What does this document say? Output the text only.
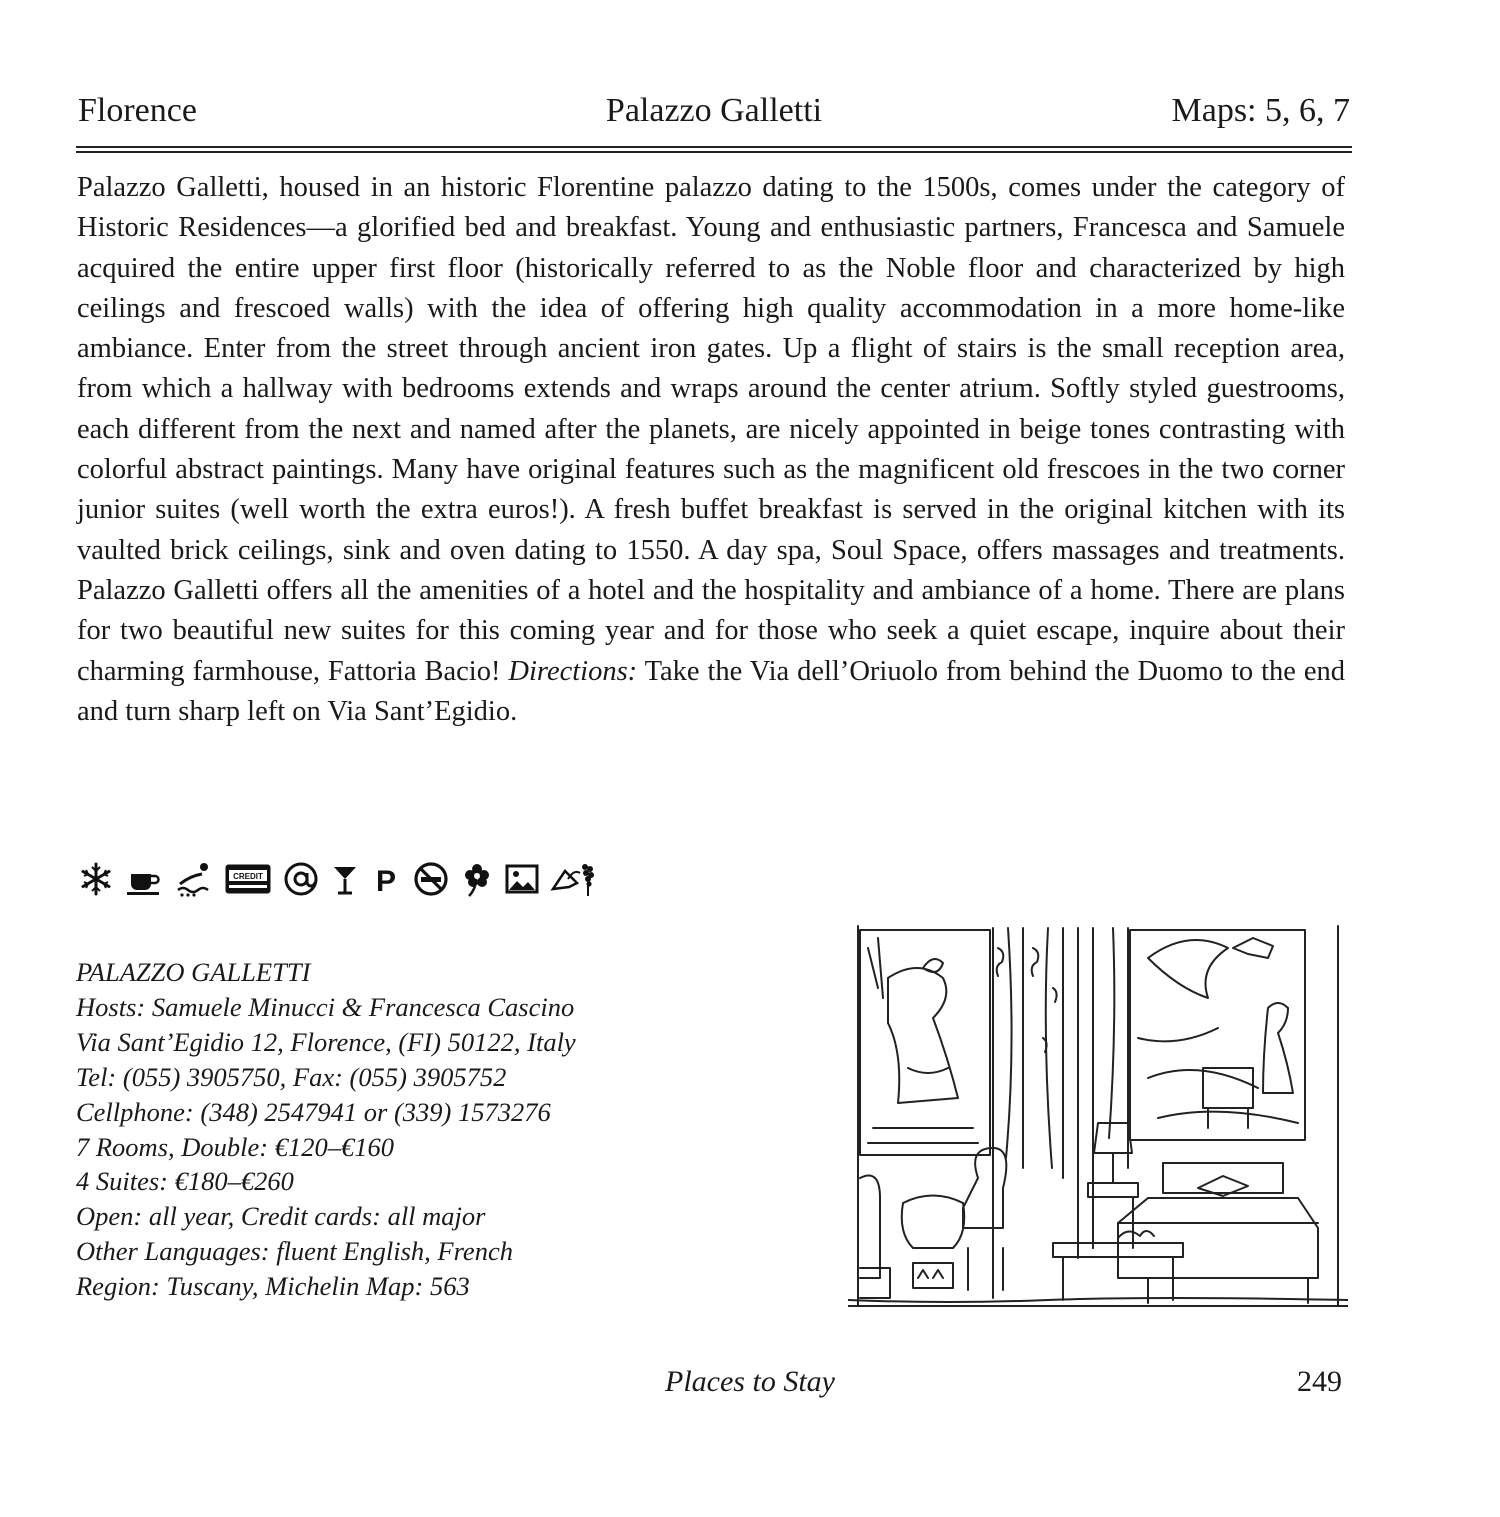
Florence	Palazzo Galletti	Maps: 5, 6, 7
Palazzo Galletti, housed in an historic Florentine palazzo dating to the 1500s, comes under the category of Historic Residences—a glorified bed and breakfast. Young and enthusiastic partners, Francesca and Samuele acquired the entire upper first floor (historically referred to as the Noble floor and characterized by high ceilings and frescoed walls) with the idea of offering high quality accommodation in a more home-like ambiance. Enter from the street through ancient iron gates. Up a flight of stairs is the small reception area, from which a hallway with bedrooms extends and wraps around the center atrium. Softly styled guestrooms, each different from the next and named after the planets, are nicely appointed in beige tones contrasting with colorful abstract paintings. Many have original features such as the magnificent old frescoes in the two corner junior suites (well worth the extra euros!). A fresh buffet breakfast is served in the original kitchen with its vaulted brick ceilings, sink and oven dating to 1550. A day spa, Soul Space, offers massages and treatments. Palazzo Galletti offers all the amenities of a hotel and the hospitality and ambiance of a home. There are plans for two beautiful new suites for this coming year and for those who seek a quiet escape, inquire about their charming farmhouse, Fattoria Bacio! Directions: Take the Via dell’Oriuolo from behind the Duomo to the end and turn sharp left on Via Sant’Egidio.
CREDIT	P
PALAZZO GALLETTI
Hosts: Samuele Minucci & Francesca Cascino
Via Sant’Egidio 12, Florence, (FI) 50122, Italy
Tel: (055) 3905750, Fax: (055) 3905752
Cellphone: (348) 2547941 or (339) 1573276
7 Rooms, Double: €120–€160
4 Suites: €180–€260
Open: all year, Credit cards: all major
Other Languages: fluent English, French
Region: Tuscany, Michelin Map: 563
Places to Stay	249
